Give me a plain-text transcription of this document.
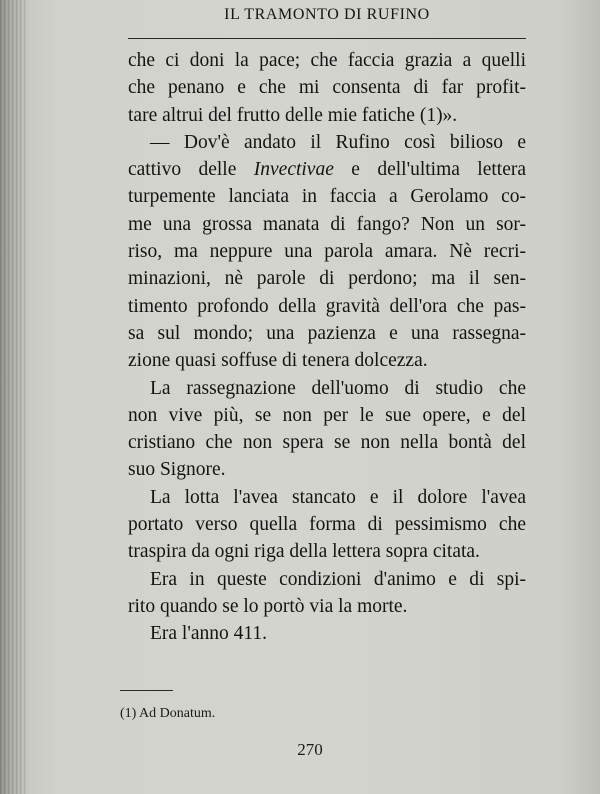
IL TRAMONTO DI RUFINO
che ci doni la pace; che faccia grazia a quelli
che penano e che mi consenta di far profit-
tare altrui del frutto delle mie fatiche (1)».
— Dov'è andato il Rufino così bilioso e
cattivo delle Invectivae e dell'ultima lettera
turpemente lanciata in faccia a Gerolamo co-
me una grossa manata di fango? Non un sor-
riso, ma neppure una parola amara. Nè recri-
minazioni, nè parole di perdono; ma il sen-
timento profondo della gravità dell'ora che pas-
sa sul mondo; una pazienza e una rassegna-
zione quasi soffuse di tenera dolcezza.
La rassegnazione dell'uomo di studio che
non vive più, se non per le sue opere, e del
cristiano che non spera se non nella bontà del
suo Signore.
La lotta l'avea stancato e il dolore l'avea
portato verso quella forma di pessimismo che
traspira da ogni riga della lettera sopra citata.
Era in queste condizioni d'animo e di spi-
rito quando se lo portò via la morte.
Era l'anno 411.
(1) Ad Donatum.
270
